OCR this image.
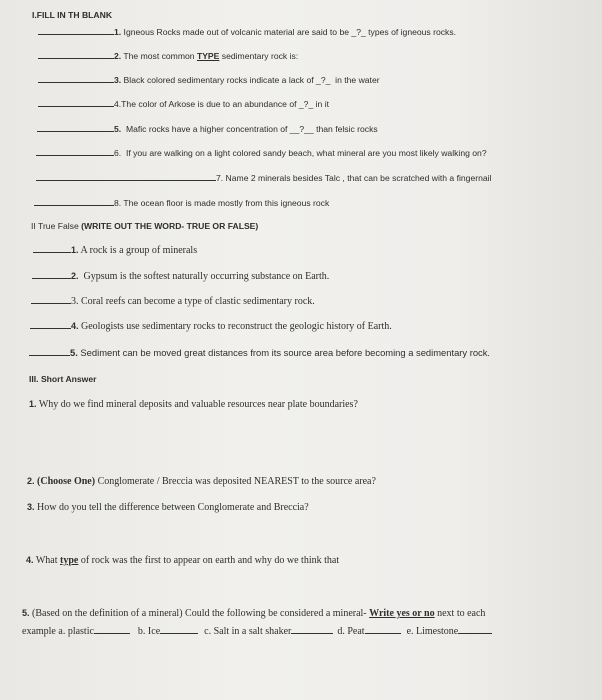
I.FILL IN TH BLANK
1. Igneous Rocks made out of volcanic material are said to be _?_ types of igneous rocks.
2. The most common TYPE sedimentary rock is:
3. Black colored sedimentary rocks indicate a lack of _?_  in the water
4.The color of Arkose is due to an abundance of _?_ in it
5.  Mafic rocks have a higher concentration of __?__ than felsic rocks
6.  If you are walking on a light colored sandy beach, what mineral are you most likely walking on?
7. Name 2 minerals besides Talc , that can be scratched with a fingernail
8. The ocean floor is made mostly from this igneous rock
II True False (WRITE OUT THE WORD- TRUE OR FALSE)
1. A rock is a group of minerals
2.  Gypsum is the softest naturally occurring substance on Earth.
3. Coral reefs can become a type of clastic sedimentary rock.
4. Geologists use sedimentary rocks to reconstruct the geologic history of Earth.
5. Sediment can be moved great distances from its source area before becoming a sedimentary rock.
III. Short Answer
1. Why do we find mineral deposits and valuable resources near plate boundaries?
2. (Choose One) Conglomerate / Breccia was deposited NEAREST to the source area?
3. How do you tell the difference between Conglomerate and Breccia?
4. What type of rock was the first to appear on earth and why do we think that
5. (Based on the definition of a mineral) Could the following be considered a mineral- Write yes or no next to each
example a. plastic	b. Ice	c. Salt in a salt shaker	d. Peat	e. Limestone
